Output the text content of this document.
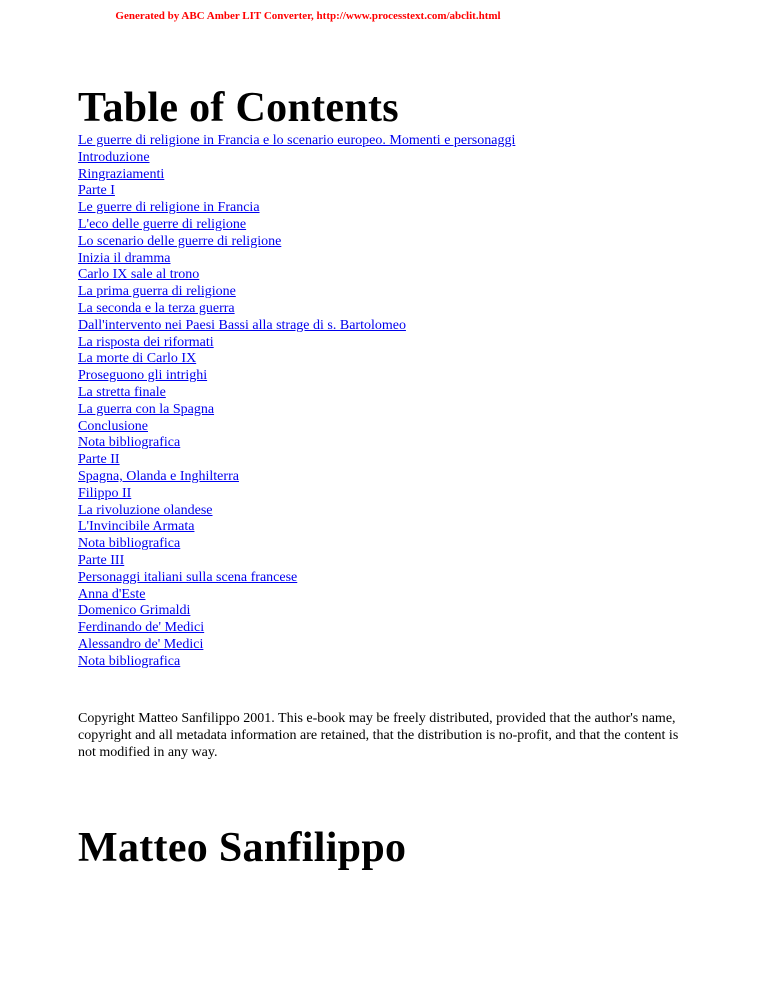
Generated by ABC Amber LIT Converter, http://www.processtext.com/abclit.html
Table of Contents
Le guerre di religione in Francia e lo scenario europeo. Momenti e personaggi
Introduzione
Ringraziamenti
Parte I
Le guerre di religione in Francia
L'eco delle guerre di religione
Lo scenario delle guerre di religione
Inizia il dramma
Carlo IX sale al trono
La prima guerra di religione
La seconda e la terza guerra
Dall'intervento nei Paesi Bassi alla strage di s. Bartolomeo
La risposta dei riformati
La morte di Carlo IX
Proseguono gli intrighi
La stretta finale
La guerra con la Spagna
Conclusione
Nota bibliografica
Parte II
Spagna, Olanda e Inghilterra
Filippo II
La rivoluzione olandese
L'Invincibile Armata
Nota bibliografica
Parte III
Personaggi italiani sulla scena francese
Anna d'Este
Domenico Grimaldi
Ferdinando de' Medici
Alessandro de' Medici
Nota bibliografica

Copyright Matteo Sanfilippo 2001. This e-book may be freely distributed, provided that the author's name, copyright and all metadata information are retained, that the distribution is no-profit, and that the content is not modified in any way.

Matteo Sanfilippo
